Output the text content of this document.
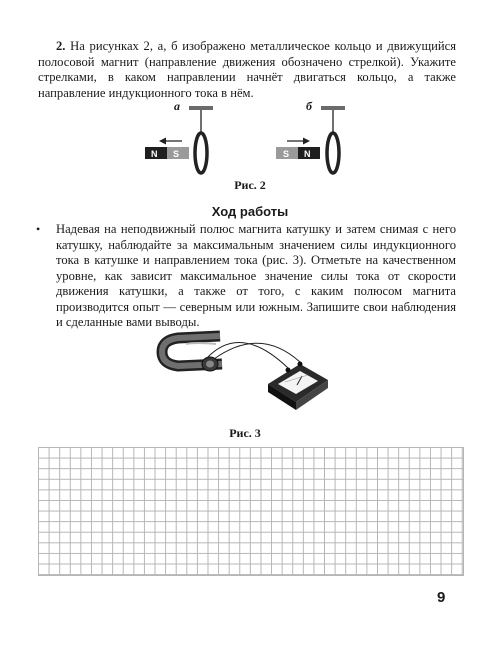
2. На рисунках 2, а, б изображено металлическое кольцо и движущийся полосовой магнит (направление движения обозначено стрелкой). Укажите стрелками, в каком направлении начнёт двигаться кольцо, а также направление индукционного тока в нём.
а	б
N S	S N
Рис. 2
Ход работы
•	Надевая на неподвижный полюс магнита катушку и затем снимая с него катушку, наблюдайте за максимальным значением силы индукционного тока в катушке и направлением тока (рис. 3). Отметьте на качественном уровне, как зависит максимальное значение силы тока от скорости движения катушки, а также от того, с каким полюсом магнита производится опыт — северным или южным. Запишите свои наблюдения и сделанные вами выводы.
Рис. 3
9
